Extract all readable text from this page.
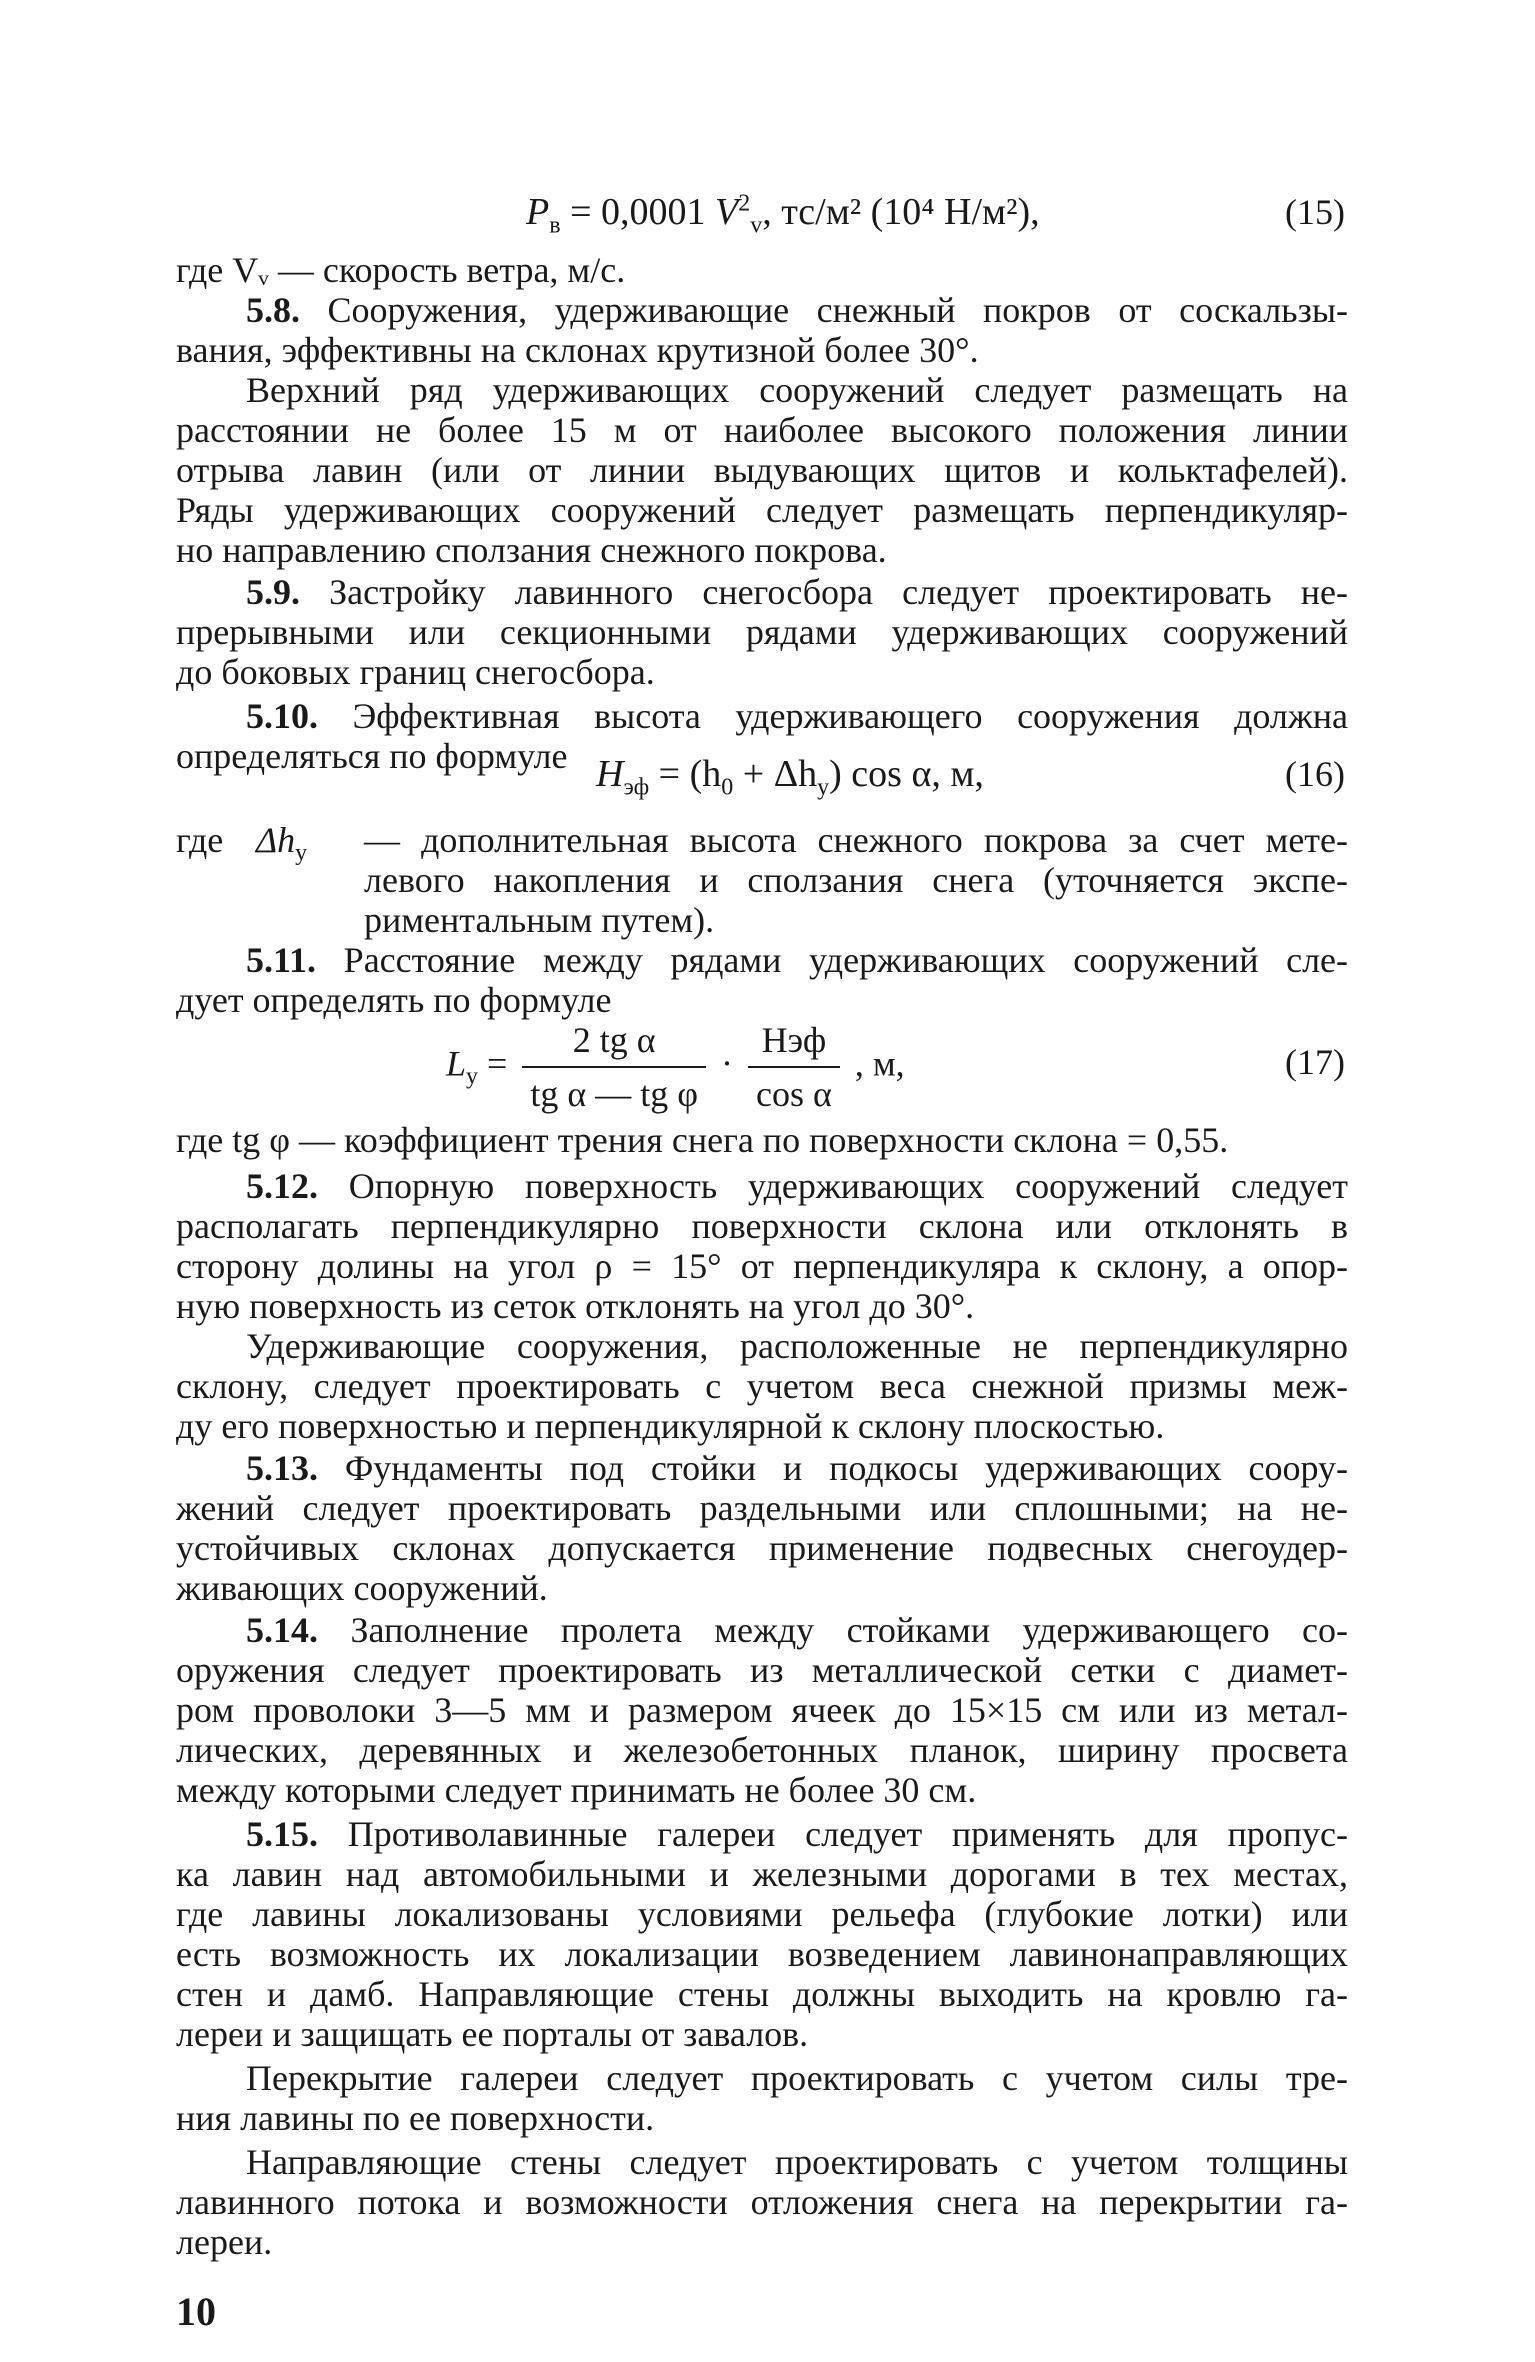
$P_в = 0,0001$ $V^2_v$, тс/м² (10⁴ Н/м²),	(15)
где Vᵥ — скорость ветра, м/с.
5.8. Сооружения, удерживающие снежный покров от соскальзы-
вания, эффективны на склонах крутизной более 30°.
Верхний ряд удерживающих сооружений следует размещать на
расстоянии не более 15 м от наиболее высокого положения линии
отрыва лавин (или от линии выдувающих щитов и кольктафелей).
Ряды удерживающих сооружений следует размещать перпендикуляр-
но направлению сползания снежного покрова.
5.9. Застройку лавинного снегосбора следует проектировать не-
прерывными или секционными рядами удерживающих сооружений
до боковых границ снегосбора.
5.10. Эффективная высота удерживающего сооружения должна
определяться по формуле $H_{эф} = (h_0 + \Delta h_y)$ cos α, м,	(16)
где $\Delta h_y$ — дополнительная высота снежного покрова за счет мете-
левого накопления и сползания снега (уточняется экспе-
риментальным путем).
5.11. Расстояние между рядами удерживающих сооружений сле-
дует определять по формуле
$L_у = \frac{\text{2 tg α}}{\text{tg α — tg φ}} \cdot \frac{\text{Hэф}}{\text{cos α}}$ , м,	(17)
где tg φ — коэффициент трения снега по поверхности склона = 0,55.
5.12. Опорную поверхность удерживающих сооружений следует
располагать перпендикулярно поверхности склона или отклонять в
сторону долины на угол ρ = 15° от перпендикуляра к склону, а опор-
ную поверхность из сеток отклонять на угол до 30°.
Удерживающие сооружения, расположенные не перпендикулярно
склону, следует проектировать с учетом веса снежной призмы меж-
ду его поверхностью и перпендикулярной к склону плоскостью.
5.13. Фундаменты под стойки и подкосы удерживающих соору-
жений следует проектировать раздельными или сплошными; на не-
устойчивых склонах допускается применение подвесных снегоудер-
живающих сооружений.
5.14. Заполнение пролета между стойками удерживающего со-
оружения следует проектировать из металлической сетки с диамет-
ром проволоки 3—5 мм и размером ячеек до 15×15 см или из метал-
лических, деревянных и железобетонных планок, ширину просвета
между которыми следует принимать не более 30 см.
5.15. Противолавинные галереи следует применять для пропус-
ка лавин над автомобильными и железными дорогами в тех местах,
где лавины локализованы условиями рельефа (глубокие лотки) или
есть возможность их локализации возведением лавинонаправляющих
стен и дамб. Направляющие стены должны выходить на кровлю га-
лереи и защищать ее порталы от завалов.
Перекрытие галереи следует проектировать с учетом силы тре-
ния лавины по ее поверхности.
Направляющие стены следует проектировать с учетом толщины
лавинного потока и возможности отложения снега на перекрытии га-
лереи.
10
